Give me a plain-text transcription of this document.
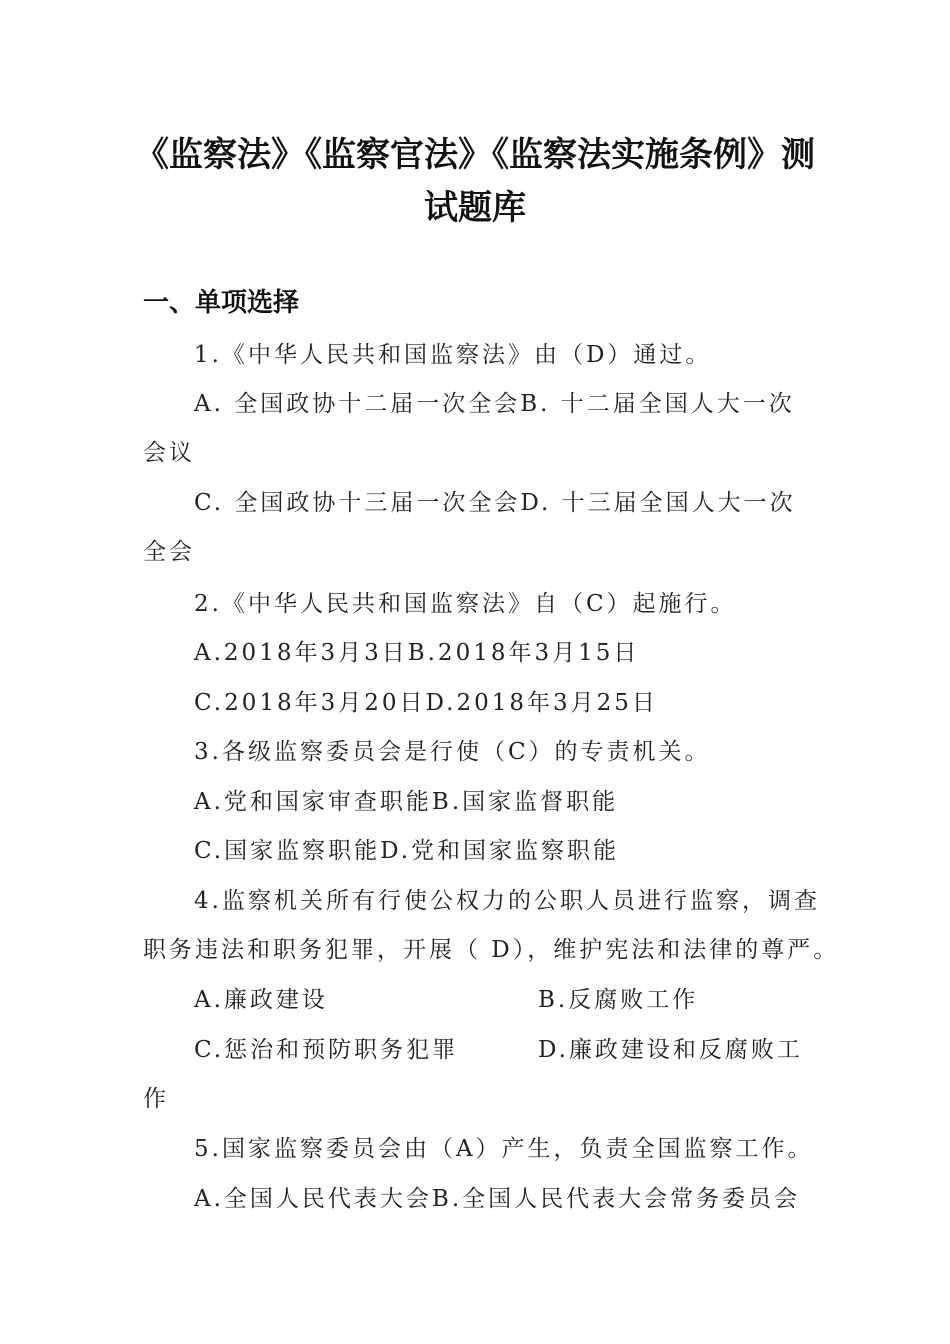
《监察法》《监察官法》《监察法实施条例》测
试题库
一、单项选择
1.《中华人民共和国监察法》由（D）通过。
A. 全国政协十二届一次全会B. 十二届全国人大一次
会议
C. 全国政协十三届一次全会D. 十三届全国人大一次
全会
2.《中华人民共和国监察法》自（C）起施行。
A.2018年3月3日B.2018年3月15日
C.2018年3月20日D.2018年3月25日
3.各级监察委员会是行使（C）的专责机关。
A.党和国家审查职能B.国家监督职能
C.国家监察职能D.党和国家监察职能
4.监察机关所有行使公权力的公职人员进行监察，调查
职务违法和职务犯罪，开展（ D），维护宪法和法律的尊严。
A.廉政建设	B.反腐败工作
C.惩治和预防职务犯罪	D.廉政建设和反腐败工
作
5.国家监察委员会由（A）产生，负责全国监察工作。
A.全国人民代表大会B.全国人民代表大会常务委员会
